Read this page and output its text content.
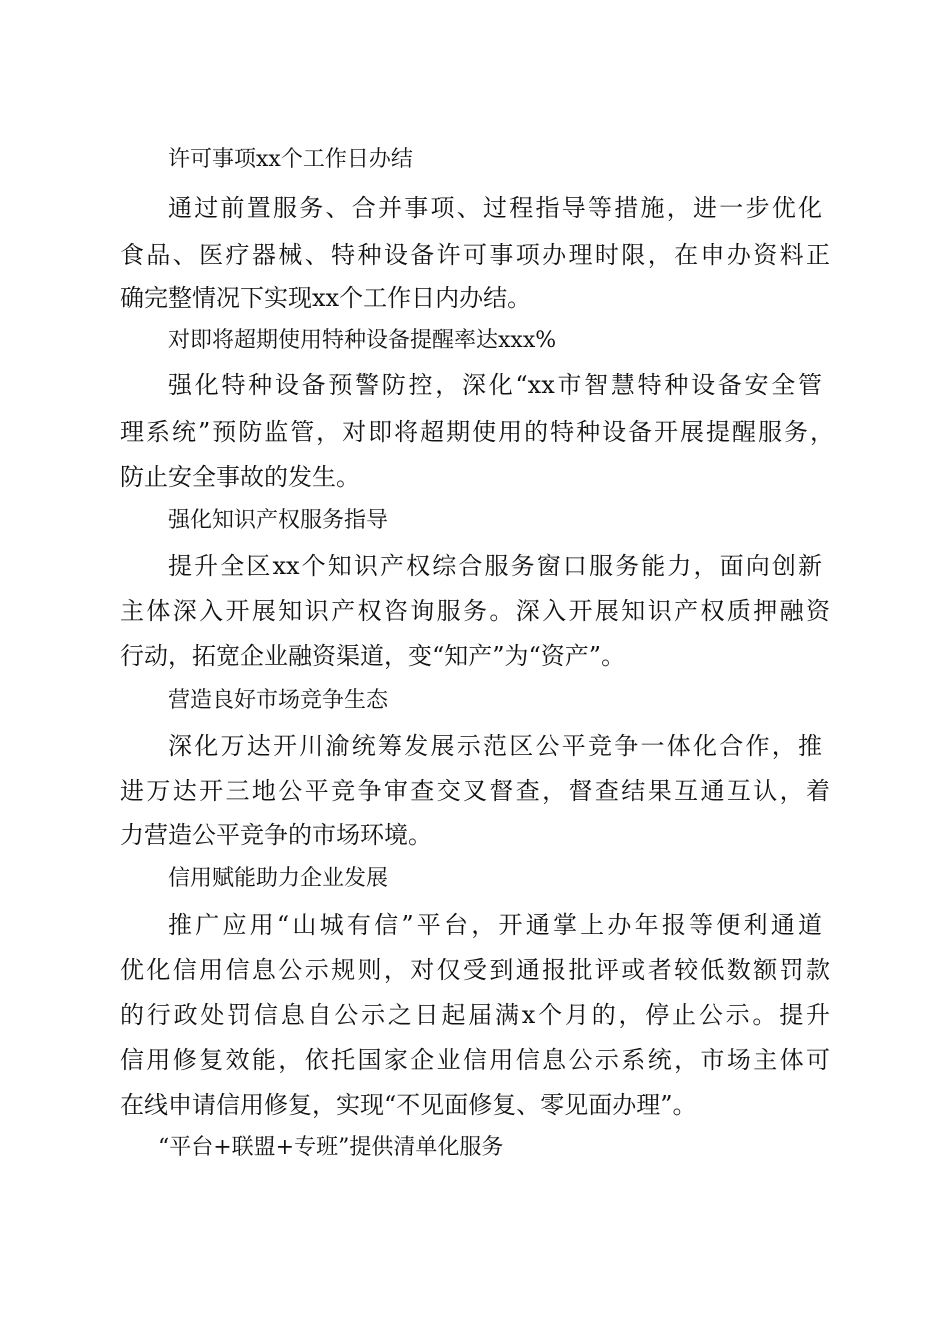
许可事项xx个工作日办结
通过前置服务、合并事项、过程指导等措施，进一步优化
食品、医疗器械、特种设备许可事项办理时限，在申办资料正
确完整情况下实现xx个工作日内办结。
对即将超期使用特种设备提醒率达xxx%
强化特种设备预警防控，深化“xx市智慧特种设备安全管
理系统”预防监管，对即将超期使用的特种设备开展提醒服务，
防止安全事故的发生。
强化知识产权服务指导
提升全区xx个知识产权综合服务窗口服务能力，面向创新
主体深入开展知识产权咨询服务。深入开展知识产权质押融资
行动，拓宽企业融资渠道，变“知产”为“资产”。
营造良好市场竞争生态
深化万达开川渝统筹发展示范区公平竞争一体化合作，推
进万达开三地公平竞争审查交叉督查，督查结果互通互认，着
力营造公平竞争的市场环境。
信用赋能助力企业发展
推广应用“山城有信”平台，开通掌上办年报等便利通道
优化信用信息公示规则，对仅受到通报批评或者较低数额罚款
的行政处罚信息自公示之日起届满x个月的，停止公示。提升
信用修复效能，依托国家企业信用信息公示系统，市场主体可
在线申请信用修复，实现“不见面修复、零见面办理”。
“平台+联盟+专班”提供清单化服务
